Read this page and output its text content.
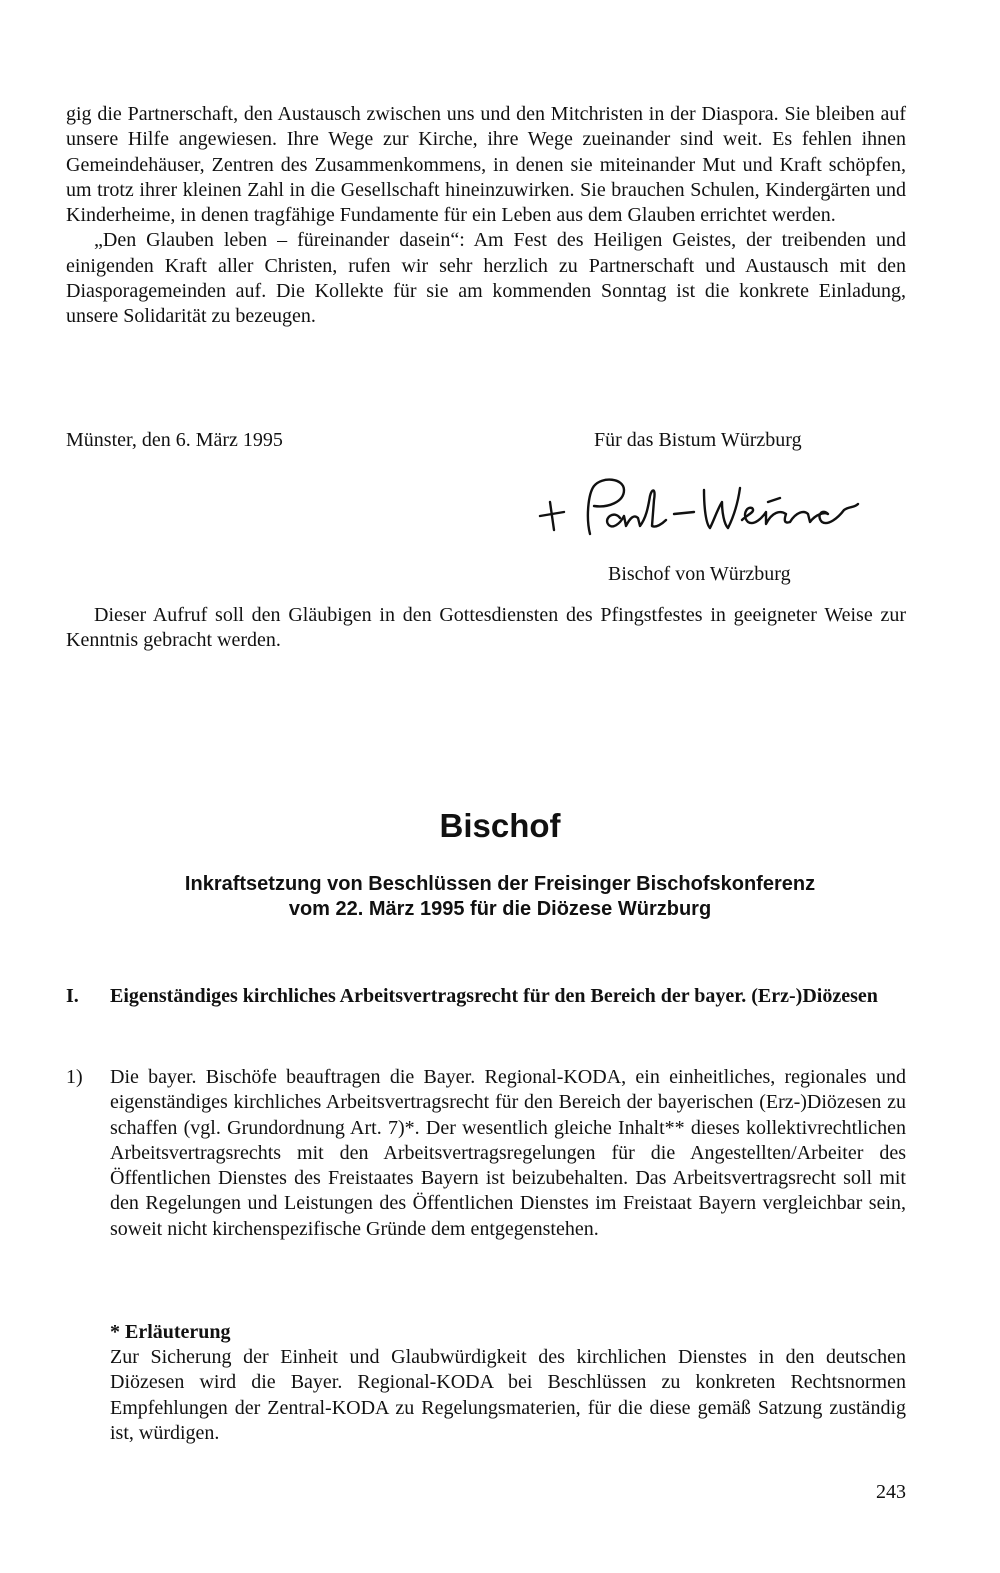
gig die Partnerschaft, den Austausch zwischen uns und den Mitchristen in der Diaspora. Sie bleiben auf unsere Hilfe angewiesen. Ihre Wege zur Kirche, ihre Wege zueinander sind weit. Es fehlen ihnen Gemeindehäuser, Zentren des Zusammenkommens, in denen sie miteinander Mut und Kraft schöpfen, um trotz ihrer kleinen Zahl in die Gesellschaft hineinzuwirken. Sie brauchen Schulen, Kindergärten und Kinderheime, in denen tragfähige Fundamente für ein Leben aus dem Glauben errichtet werden.

„Den Glauben leben – füreinander dasein“: Am Fest des Heiligen Geistes, der treibenden und einigenden Kraft aller Christen, rufen wir sehr herzlich zu Partnerschaft und Austausch mit den Diasporagemeinden auf. Die Kollekte für sie am kommenden Sonntag ist die konkrete Einladung, unsere Solidarität zu bezeugen.

Münster, den 6. März 1995	Für das Bistum Würzburg
Bischof von Würzburg

Dieser Aufruf soll den Gläubigen in den Gottesdiensten des Pfingstfestes in geeigneter Weise zur Kenntnis gebracht werden.

Bischof
Inkraftsetzung von Beschlüssen der Freisinger Bischofskonferenz
vom 22. März 1995 für die Diözese Würzburg
I.	Eigenständiges kirchliches Arbeitsvertragsrecht für den Bereich der bayer. (Erz-)Diözesen
1)	Die bayer. Bischöfe beauftragen die Bayer. Regional-KODA, ein einheitliches, regionales und eigenständiges kirchliches Arbeitsvertragsrecht für den Bereich der bayerischen (Erz-)Diözesen zu schaffen (vgl. Grundordnung Art. 7)*. Der wesentlich gleiche Inhalt** dieses kollektivrechtlichen Arbeitsvertragsrechts mit den Arbeitsvertragsregelungen für die Angestellten/Arbeiter des Öffentlichen Dienstes des Freistaates Bayern ist beizubehalten. Das Arbeitsvertragsrecht soll mit den Regelungen und Leistungen des Öffentlichen Dienstes im Freistaat Bayern vergleichbar sein, soweit nicht kirchenspezifische Gründe dem entgegenstehen.

* Erläuterung

Zur Sicherung der Einheit und Glaubwürdigkeit des kirchlichen Dienstes in den deutschen Diözesen wird die Bayer. Regional-KODA bei Beschlüssen zu konkreten Rechtsnormen Empfehlungen der Zentral-KODA zu Regelungsmaterien, für die diese gemäß Satzung zuständig ist, würdigen.

243
